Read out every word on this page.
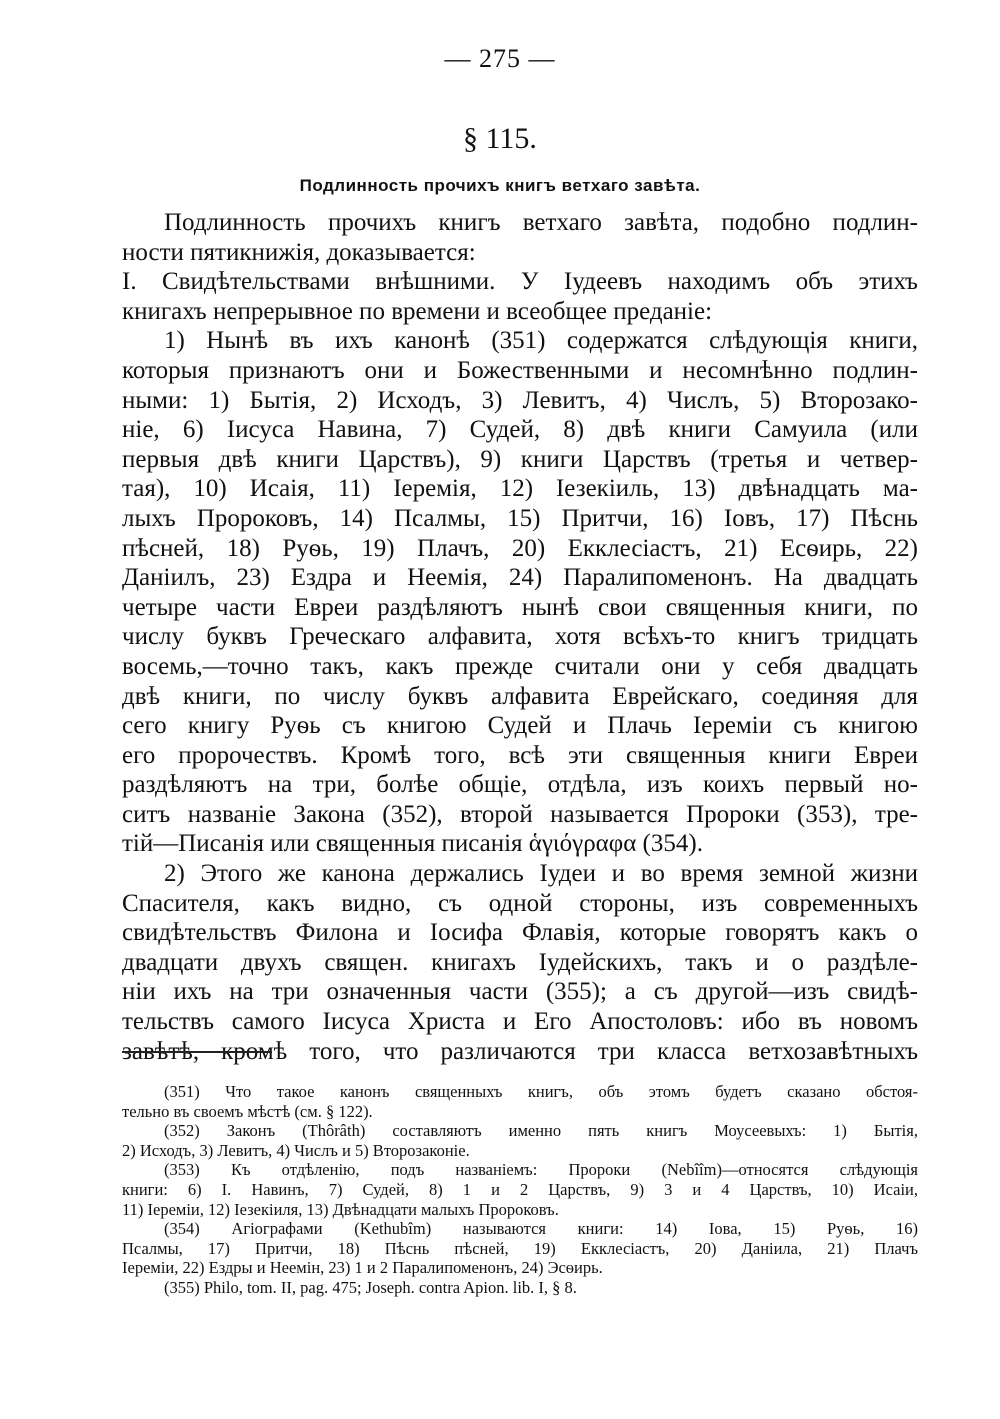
— 275 —
§ 115.
Подлинность прочихъ книгъ ветхаго завѣта.
Подлинность прочихъ книгъ ветхаго завѣта, подобно подлин-
ности пятикнижія, доказывается:
I. Свидѣтельствами внѣшними. У Іудеевъ находимъ объ этихъ
книгахъ непрерывное по времени и всеобщее преданіе:
1) Нынѣ въ ихъ канонѣ (351) содержатся слѣдующія книги,
которыя признаютъ они и Божественными и несомнѣнно подлин-
ными: 1) Бытія, 2) Исходъ, 3) Левитъ, 4) Числъ, 5) Второзако-
ніе, 6) Іисуса Навина, 7) Судей, 8) двѣ книги Самуила (или
первыя двѣ книги Царствъ), 9) книги Царствъ (третья и четвер-
тая), 10) Исаія, 11) Іеремія, 12) Іезекіиль, 13) двѣнадцать ма-
лыхъ Пророковъ, 14) Псалмы, 15) Притчи, 16) Іовъ, 17) Пѣснь
пѣсней, 18) Руѳь, 19) Плачъ, 20) Екклесіастъ, 21) Есѳирь, 22)
Даніилъ, 23) Ездра и Неемія, 24) Паралипоменонъ. На двадцать
четыре части Евреи раздѣляютъ нынѣ свои священныя книги, по
числу буквъ Греческаго алфавита, хотя всѣхъ-то книгъ тридцать
восемь,—точно такъ, какъ прежде считали они у себя двадцать
двѣ книги, по числу буквъ алфавита Еврейскаго, соединяя для
сего книгу Руѳь съ книгою Судей и Плачь Іереміи съ книгою
его пророчествъ. Кромѣ того, всѣ эти священныя книги Евреи
раздѣляютъ на три, болѣе общіе, отдѣла, изъ коихъ первый но-
ситъ названіе Закона (352), второй называется Пророки (353), тре-
тій—Писанія или священныя писанія ἁγιόγραφα (354).
2) Этого же канона держались Іудеи и во время земной жизни
Спасителя, какъ видно, съ одной стороны, изъ современныхъ
свидѣтельствъ Филона и Іосифа Флавія, которые говорятъ какъ о
двадцати двухъ священ. книгахъ Іудейскихъ, такъ и о раздѣле-
ніи ихъ на три означенныя части (355); а съ другой—изъ свидѣ-
тельствъ самого Іисуса Христа и Его Апостоловъ: ибо въ новомъ
завѣтѣ, кромѣ того, что различаются три класса ветхозавѣтныхъ
(351) Что такое канонъ священныхъ книгъ, объ этомъ будетъ сказано обстоя-
тельно въ своемъ мѣстѣ (см. § 122).
(352) Законъ (Thôrâth) составляютъ именно пять книгъ Моусеевыхъ: 1) Бытія,
2) Исходъ, 3) Левитъ, 4) Числъ и 5) Второзаконіе.
(353) Къ отдѣленію, подъ названіемъ: Пророки (Nebîîm)—относятся слѣдующія
книги: 6) I. Навинъ, 7) Судей, 8) 1 и 2 Царствъ, 9) 3 и 4 Царствъ, 10) Исаіи,
11) Іереміи, 12) Іезекіиля, 13) Двѣнадцати малыхъ Пророковъ.
(354) Агіографами (Kethubîm) называются книги: 14) Іова, 15) Руѳь, 16)
Псалмы, 17) Притчи, 18) Пѣснь пѣсней, 19) Екклесіастъ, 20) Даніила, 21) Плачъ
Іереміи, 22) Ездры и Неемін, 23) 1 и 2 Паралипоменонъ, 24) Эсѳирь.
(355) Philo, tom. II, pag. 475; Joseph. contra Apion. lib. I, § 8.
